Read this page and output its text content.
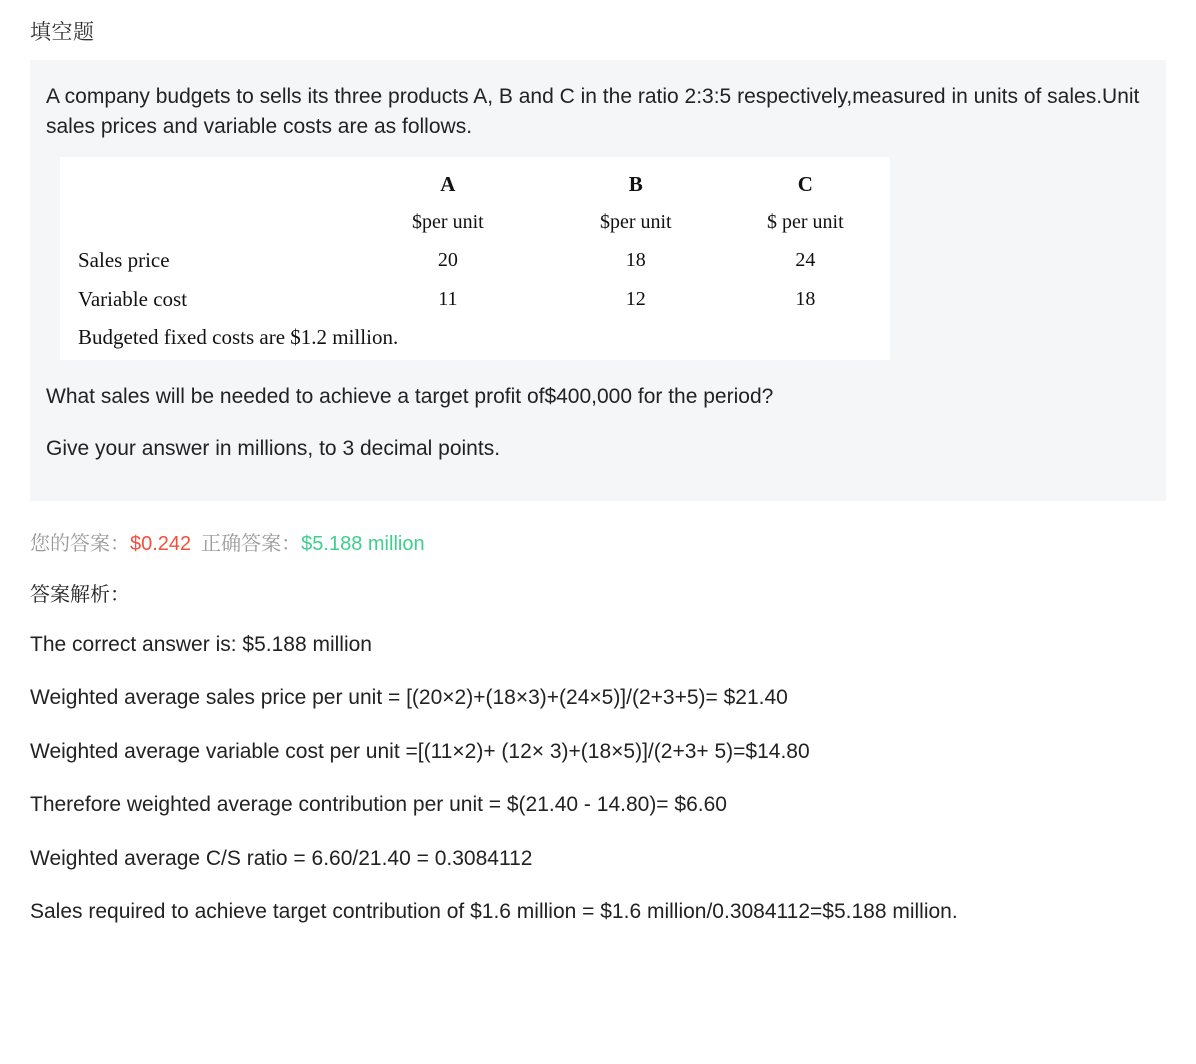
填空题
A company budgets to sells its three products A, B and C in the ratio 2:3:5 respectively,measured in units of sales.Unit sales prices and variable costs are as follows.
	A	B	C
	$per unit	$per unit	$ per unit
Sales price	20	18	24
Variable cost	11	12	18
Budgeted fixed costs are $1.2 million.
What sales will be needed to achieve a target profit of$400,000 for the period?
Give your answer in millions, to 3 decimal points.
您的答案：$0.242 正确答案：$5.188 million
答案解析：

The correct answer is: $5.188 million

Weighted average sales price per unit = [(20×2)+(18×3)+(24×5)]/(2+3+5)= $21.40

Weighted average variable cost per unit =[(11×2)+ (12× 3)+(18×5)]/(2+3+ 5)=$14.80

Therefore weighted average contribution per unit = $(21.40 - 14.80)= $6.60

Weighted average C/S ratio = 6.60/21.40 = 0.3084112

Sales required to achieve target contribution of $1.6 million = $1.6 million/0.3084112=$5.188 million.
